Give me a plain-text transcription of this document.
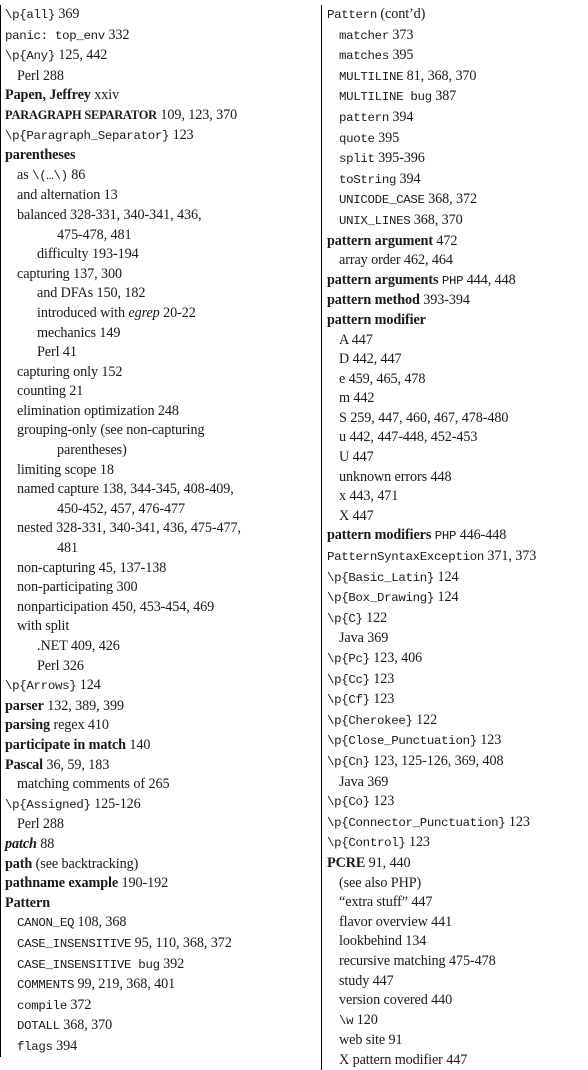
\p{all} 369
panic: top_env 332
\p{Any} 125, 442
Perl 288
Papen, Jeffrey xxiv
PARAGRAPH SEPARATOR 109, 123, 370
\p{Paragraph_Separator} 123
parentheses
as \(…\) 86
and alternation 13
balanced 328-331, 340-341, 436,
475-478, 481
difficulty 193-194
capturing 137, 300
and DFAs 150, 182
introduced with egrep 20-22
mechanics 149
Perl 41
capturing only 152
counting 21
elimination optimization 248
grouping-only (see non-capturing
parentheses)
limiting scope 18
named capture 138, 344-345, 408-409,
450-452, 457, 476-477
nested 328-331, 340-341, 436, 475-477,
481
non-capturing 45, 137-138
non-participating 300
nonparticipation 450, 453-454, 469
with split
.NET 409, 426
Perl 326
\p{Arrows} 124
parser 132, 389, 399
parsing regex 410
participate in match 140
Pascal 36, 59, 183
matching comments of 265
\p{Assigned} 125-126
Perl 288
patch 88
path (see backtracking)
pathname example 190-192
Pattern
CANON_EQ 108, 368
CASE_INSENSITIVE 95, 110, 368, 372
CASE_INSENSITIVE bug 392
COMMENTS 99, 219, 368, 401
compile 372
DOTALL 368, 370
flags 394
Pattern (cont’d)
matcher 373
matches 395
MULTILINE 81, 368, 370
MULTILINE bug 387
pattern 394
quote 395
split 395-396
toString 394
UNICODE_CASE 368, 372
UNIX_LINES 368, 370
pattern argument 472
array order 462, 464
pattern arguments PHP 444, 448
pattern method 393-394
pattern modifier
A 447
D 442, 447
e 459, 465, 478
m 442
S 259, 447, 460, 467, 478-480
u 442, 447-448, 452-453
U 447
unknown errors 448
x 443, 471
X 447
pattern modifiers PHP 446-448
PatternSyntaxException 371, 373
\p{Basic_Latin} 124
\p{Box_Drawing} 124
\p{C} 122
Java 369
\p{Pc} 123, 406
\p{Cc} 123
\p{Cf} 123
\p{Cherokee} 122
\p{Close_Punctuation} 123
\p{Cn} 123, 125-126, 369, 408
Java 369
\p{Co} 123
\p{Connector_Punctuation} 123
\p{Control} 123
PCRE 91, 440
(see also PHP)
“extra stuff” 447
flavor overview 441
lookbehind 134
recursive matching 475-478
study 447
version covered 440
\w 120
web site 91
X pattern modifier 447
